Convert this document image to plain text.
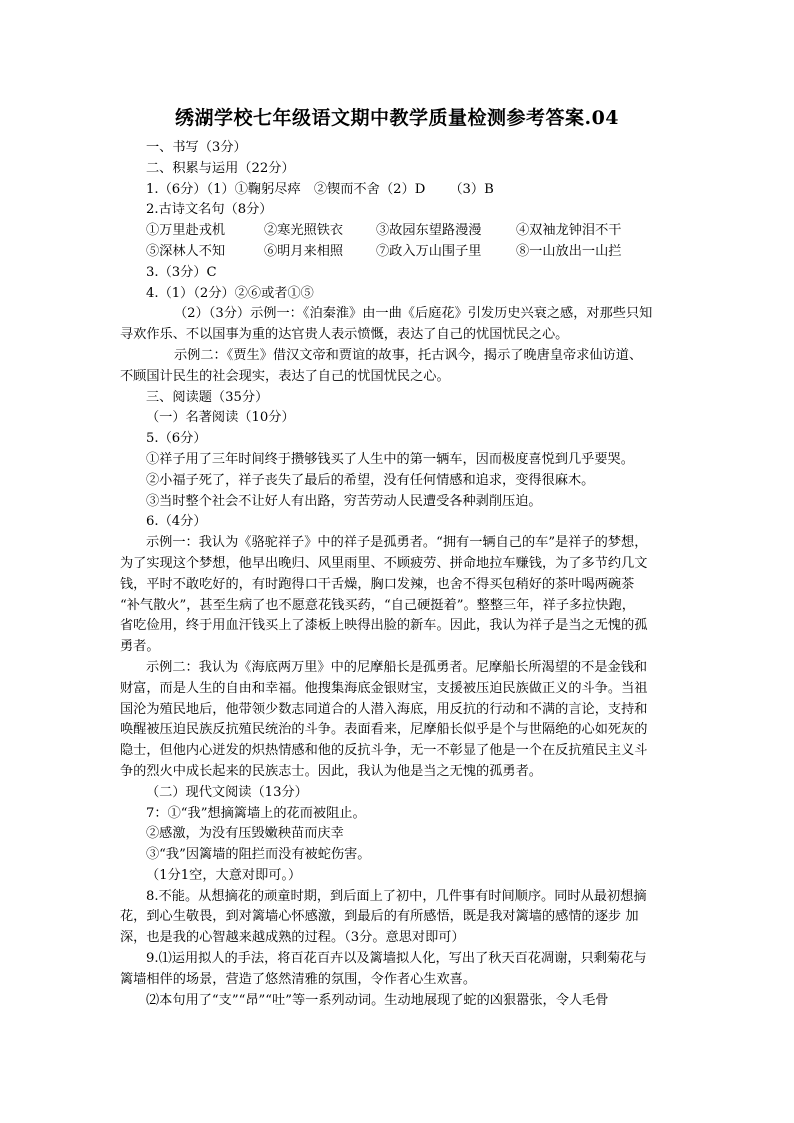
绣湖学校七年级语文期中教学质量检测参考答案.04
一、书写（3分）
二、积累与运用（22分）
1.（6分）（1）①鞠躬尽瘁　②锲而不舍（2）D （3）B
2.古诗文名句（8分）
①万里赴戎机	②寒光照铁衣	③故园东望路漫漫	④双袖龙钟泪不干
⑤深林人不知	⑥明月来相照	⑦政入万山围子里	⑧一山放出一山拦
3.（3分）C
4.（1）（2分）②⑥或者①⑤
（2）（3分）示例一：《泊秦淮》由一曲《后庭花》引发历史兴衰之感，对那些只知
寻欢作乐、不以国事为重的达官贵人表示愤慨，表达了自己的忧国忧民之心。
示例二：《贾生》借汉文帝和贾谊的故事，托古讽今，揭示了晚唐皇帝求仙访道、
不顾国计民生的社会现实，表达了自己的忧国忧民之心。
三、阅读题（35分）
（一）名著阅读（10分）
5.（6分）
①祥子用了三年时间终于攒够钱买了人生中的第一辆车，因而极度喜悦到几乎要哭。
②小福子死了，祥子丧失了最后的希望，没有任何情感和追求，变得很麻木。
③当时整个社会不让好人有出路，穷苦劳动人民遭受各种剥削压迫。
6.（4分）
示例一：我认为《骆驼祥子》中的祥子是孤勇者。“拥有一辆自己的车”是祥子的梦想，
为了实现这个梦想，他早出晚归、风里雨里、不顾疲劳、拼命地拉车赚钱，为了多节约几文
钱，平时不敢吃好的，有时跑得口干舌燥，胸口发辣，也舍不得买包稍好的茶叶喝两碗茶
“补气散火”，甚至生病了也不愿意花钱买药，“自己硬挺着”。整整三年，祥子多拉快跑，
省吃俭用，终于用血汗钱买上了漆板上映得出脸的新车。因此，我认为祥子是当之无愧的孤
勇者。
示例二：我认为《海底两万里》中的尼摩船长是孤勇者。尼摩船长所渴望的不是金钱和
财富，而是人生的自由和幸福。他搜集海底金银财宝，支援被压迫民族做正义的斗争。当祖
国沦为殖民地后，他带领少数志同道合的人潜入海底，用反抗的行动和不满的言论，支持和
唤醒被压迫民族反抗殖民统治的斗争。表面看来，尼摩船长似乎是个与世隔绝的心如死灰的
隐士，但他内心迸发的炽热情感和他的反抗斗争，无一不彰显了他是一个在反抗殖民主义斗
争的烈火中成长起来的民族志士。因此，我认为他是当之无愧的孤勇者。
（二）现代文阅读（13分）
7：①“我”想摘篱墙上的花而被阻止。
②感激，为没有压毁嫩秧苗而庆幸
③“我”因篱墙的阻拦而没有被蛇伤害。
（1分1空，大意对即可。）
8.不能。从想摘花的顽童时期，到后面上了初中，几件事有时间顺序。同时从最初想摘
花，到心生敬畏，到对篱墙心怀感激，到最后的有所感悟，既是我对篱墙的感情的逐步 加
深，也是我的心智越来越成熟的过程。（3分。意思对即可）
9.⑴运用拟人的手法，将百花百卉以及篱墙拟人化，写出了秋天百花凋谢，只剩菊花与
篱墙相伴的场景，营造了悠然清雅的氛围，令作者心生欢喜。
⑵本句用了“支”“昂”“吐”等一系列动词。生动地展现了蛇的凶狠嚣张，令人毛骨
